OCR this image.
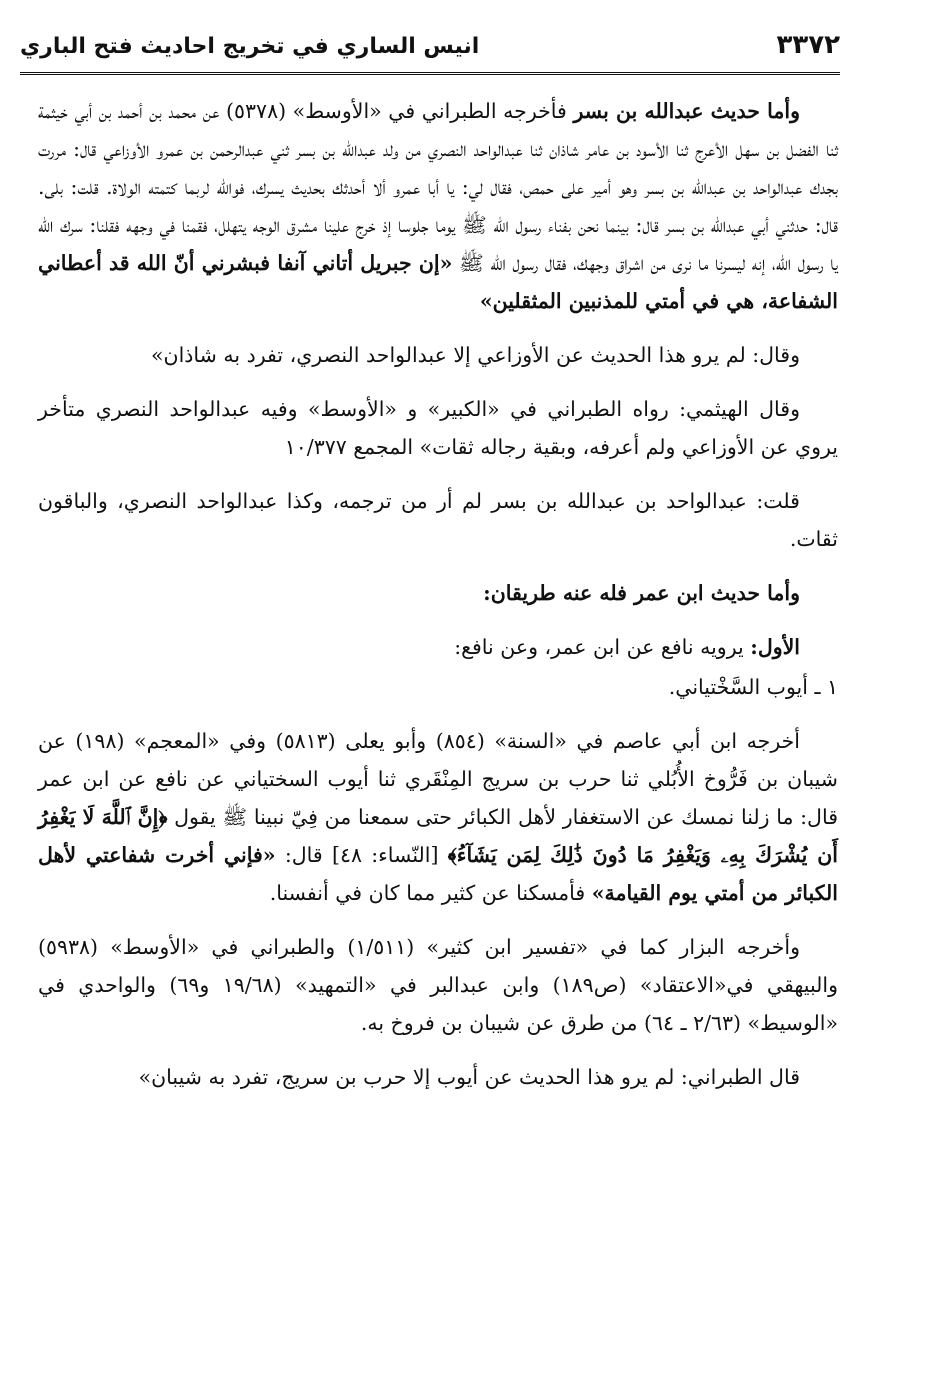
٣٣٧٢
انيس الساري في تخريج احاديث فتح الباري

وأما حديث عبدالله بن بسر فأخرجه الطبراني في «الأوسط» (٥٣٧٨) عن محمد بن أحمد بن أبي خيثمة ثنا الفضل بن سهل الأعرج ثنا الأسود بن عامر شاذان ثنا عبدالواحد النصري من ولد عبدالله بن بسر ثني عبدالرحمن بن عمرو الأوزاعي قال: مررت بجدك عبدالواحد بن عبدالله بن بسر وهو أمير على حمص، فقال لي: يا أبا عمرو ألا أحدثك بحديث يسرك، فوالله لربما كتمته الولاة. قلت: بلى. قال: حدثني أبي عبدالله بن بسر قال: بينما نحن بفناء رسول الله ﷺ يوما جلوسا إذ خرج علينا مشرق الوجه يتهلل، فقمنا في وجهه فقلنا: سرك الله يا رسول الله، إنه ليسرنا ما نرى من اشراق وجهك، فقال رسول الله ﷺ «إن جبريل أتاني آنفا فبشرني أنّ الله قد أعطاني الشفاعة، هي في أمتي للمذنبين المثقلين»

وقال: لم يرو هذا الحديث عن الأوزاعي إلا عبدالواحد النصري، تفرد به شاذان»

وقال الهيثمي: رواه الطبراني في «الكبير» و «الأوسط» وفيه عبدالواحد النصري متأخر يروي عن الأوزاعي ولم أعرفه، وبقية رجاله ثقات» المجمع ١٠/٣٧٧

قلت: عبدالواحد بن عبدالله بن بسر لم أر من ترجمه، وكذا عبدالواحد النصري، والباقون ثقات.

وأما حديث ابن عمر فله عنه طريقان:

الأول: يرويه نافع عن ابن عمر، وعن نافع:

١ ـ أيوب السَّخْتياني.

أخرجه ابن أبي عاصم في «السنة» (٨٥٤) وأبو يعلى (٥٨١٣) وفي «المعجم» (١٩٨) عن شيبان بن فَرُّوخ الأُبُلي ثنا حرب بن سريج المِنْقَري ثنا أيوب السختياني عن نافع عن ابن عمر قال: ما زلنا نمسك عن الاستغفار لأهل الكبائر حتى سمعنا من فِيّ نبينا ﷺ يقول ﴿إِنَّ ٱللَّهَ لَا يَغْفِرُ أَن يُشْرَكَ بِهِۦ وَيَغْفِرُ مَا دُونَ ذَٰلِكَ لِمَن يَشَآءُ﴾ [النّساء: ٤٨] قال: «فإني أخرت شفاعتي لأهل الكبائر من أمتي يوم القيامة» فأمسكنا عن كثير مما كان في أنفسنا.

وأخرجه البزار كما في «تفسير ابن كثير» (١/٥١١) والطبراني في «الأوسط» (٥٩٣٨) والبيهقي في«الاعتقاد» (ص١٨٩) وابن عبدالبر في «التمهيد» (١٩/٦٨ و٦٩) والواحدي في «الوسيط» (٢/٦٣ ـ ٦٤) من طرق عن شيبان بن فروخ به.

قال الطبراني: لم يرو هذا الحديث عن أيوب إلا حرب بن سريج، تفرد به شيبان»
